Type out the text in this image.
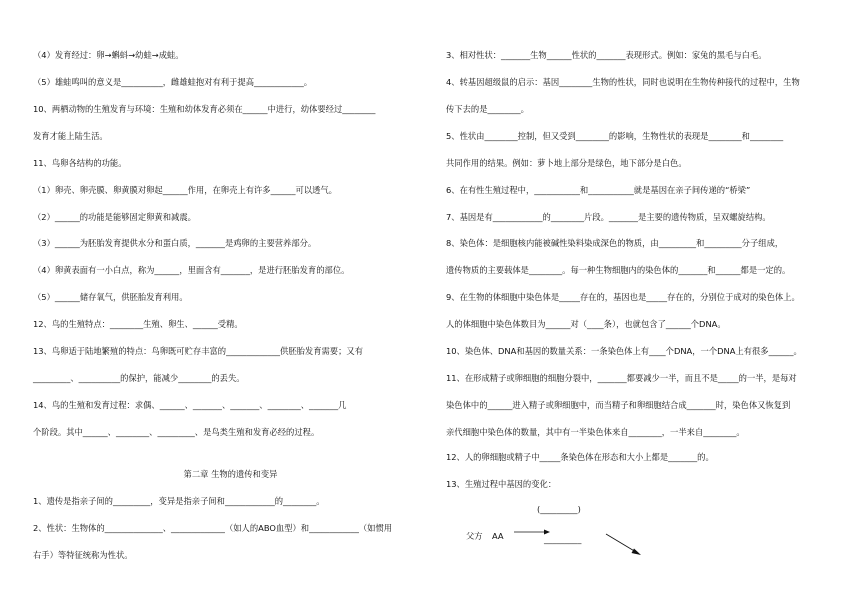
（4）发育经过：卵→蝌蚪→幼蛙→成蛙。
（5）雄蛙鸣叫的意义是__________，雌雄蛙抱对有利于提高____________。
10、两栖动物的生殖发育与环境：生殖和幼体发育必须在______中进行，幼体要经过________
发育才能上陆生活。
11、鸟卵各结构的功能。
（1）卵壳、卵壳膜、卵黄膜对卵起______作用，在卵壳上有许多______可以透气。
（2）______的功能是能够固定卵黄和减震。
（3）______为胚胎发育提供水分和蛋白质，_______是鸡卵的主要营养部分。
（4）卵黄表面有一小白点，称为______，里面含有_______，是进行胚胎发育的部位。
（5）______储存氧气，供胚胎发育利用。
12、鸟的生殖特点：________生殖、卵生、______受精。
13、鸟卵适于陆地繁殖的特点：鸟卵既可贮存丰富的_____________供胚胎发育需要；又有
_________、__________的保护，能减少________的丢失。
14、鸟的生殖和发育过程：求偶、______、_______、_______、________、_______几
个阶段。其中______、________、_________、是鸟类生殖和发育必经的过程。
第二章 生物的遗传和变异
1、遗传是指亲子间的_________，变异是指亲子间和____________的________。
2、性状：生物体的______________、_____________（如人的ABO血型）和____________（如惯用
右手）等特征统称为性状。
3、相对性状：_______生物______性状的_______表现形式。例如：家兔的黑毛与白毛。
4、转基因超级鼠的启示：基因________生物的性状，同时也说明在生物传种接代的过程中，生物
传下去的是________。
5、性状由________控制，但又受到________的影响，生物性状的表现是________和________
共同作用的结果。例如：萝卜地上部分是绿色，地下部分是白色。
6、在有性生殖过程中，___________和___________就是基因在亲子间传递的“桥梁”
7、基因是有____________的________片段。_______是主要的遗传物质，呈双螺旋结构。
8、染色体：是细胞核内能被碱性染料染成深色的物质，由_________和_________分子组成，
遗传物质的主要载体是________。每一种生物细胞内的染色体的_______和______都是一定的。
9、在生物的体细胞中染色体是_____存在的，基因也是_____存在的，分别位于成对的染色体上。
人的体细胞中染色体数目为______对（____条），也就包含了______个DNA。
10、染色体、DNA和基因的数量关系：一条染色体上有____个DNA，一个DNA上有很多______。
11、在形成精子或卵细胞的细胞分裂中，_______都要减少一半，而且不是_____的一半，是每对
染色体中的______进入精子或卵细胞中，而当精子和卵细胞结合成_______时，染色体又恢复到
亲代细胞中染色体的数量，其中有一半染色体来自________，一半来自________。
12、人的卵细胞或精子中_____条染色体在形态和大小上都是_______的。
13、生殖过程中基因的变化：
(_________)
父方 AA	_________
